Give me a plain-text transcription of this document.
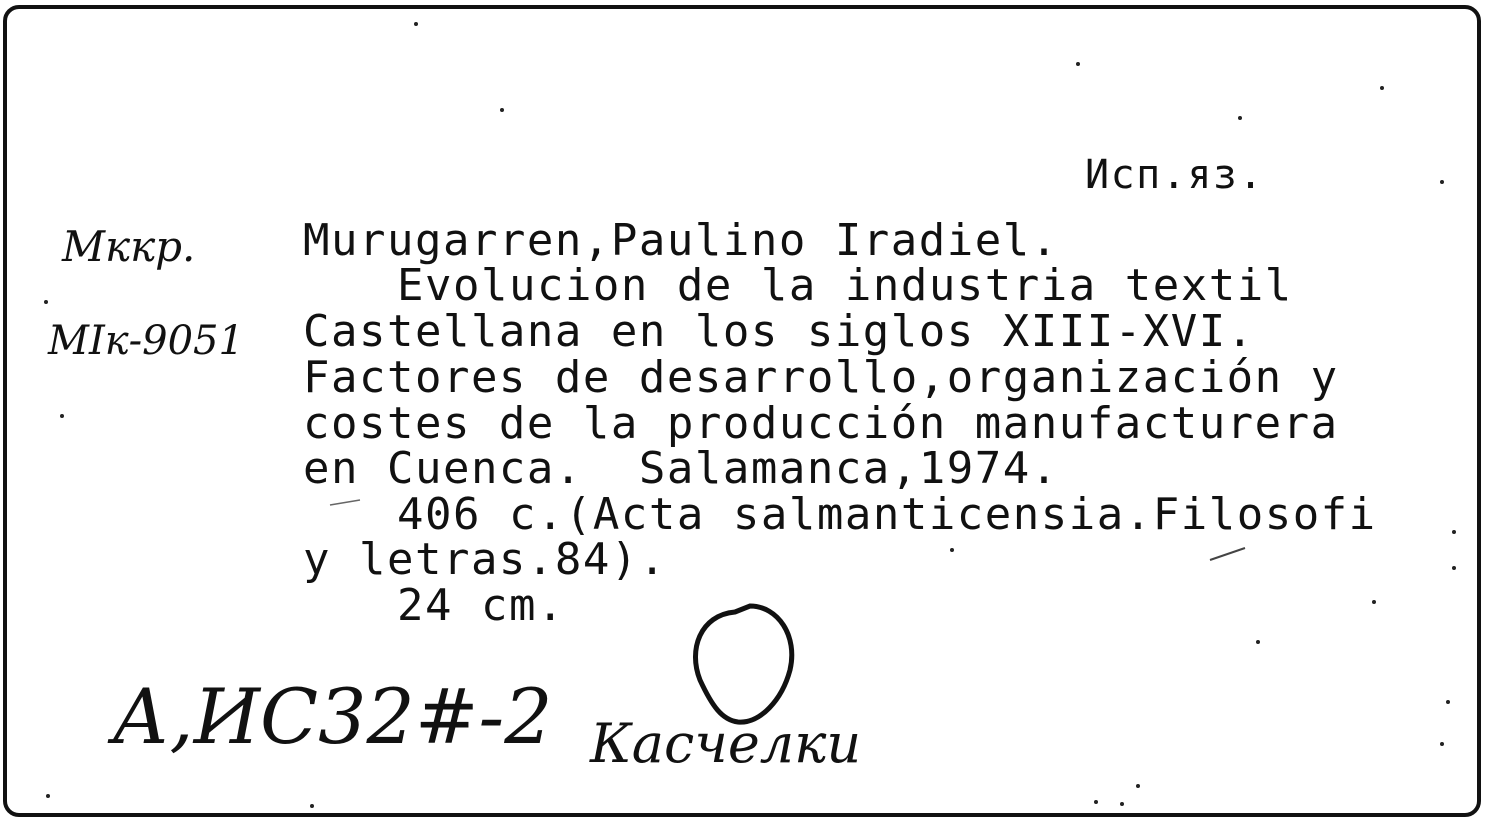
Исп.яз.
Мккр.
МIк-9051
Murugarren,Paulino Iradiel.
Evolucion de la industria textil
Castellana en los siglos XIII-XVI.
Factores de desarrollo,organización y
costes de la producción manufacturera
en Cuenca.  Salamanca,1974.
406 с.(Acta salmanticensia.Filosofi
y letras.84).
24 cm.
А,ИС32#-2 Касчелки
